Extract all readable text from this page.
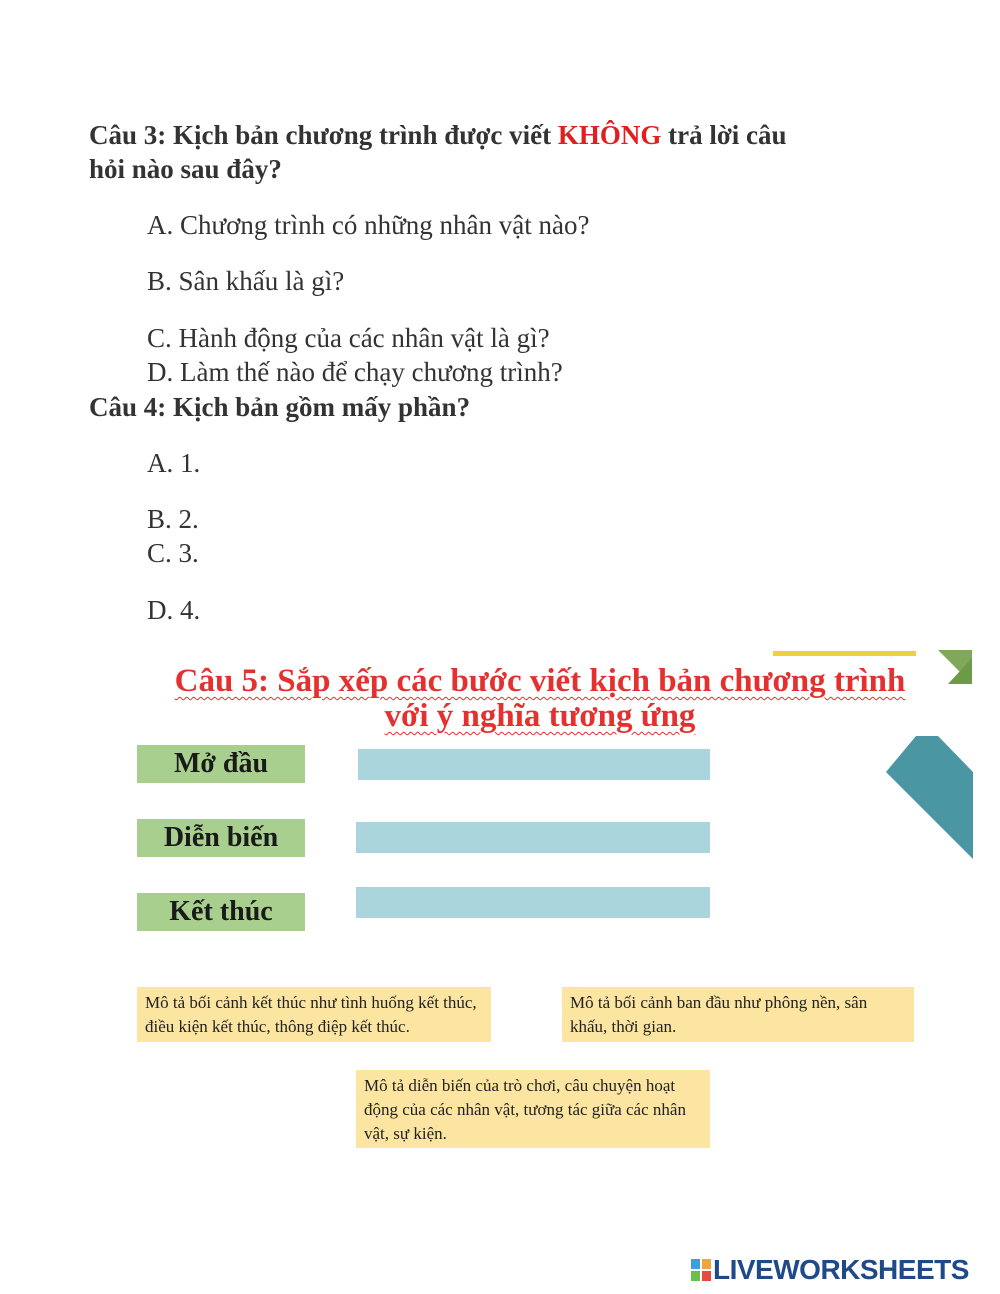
Câu 3: Kịch bản chương trình được viết KHÔNG trả lời câu
hỏi nào sau đây?
A. Chương trình có những nhân vật nào?
B. Sân khấu là gì?
C. Hành động của các nhân vật là gì?
D. Làm thế nào để chạy chương trình?
Câu 4: Kịch bản gồm mấy phần?
A. 1.
B. 2.
C. 3.
D. 4.
Câu 5: Sắp xếp các bước viết kịch bản chương trình
với ý nghĩa tương ứng
Mở đầu
Diễn biến
Kết thúc
Mô tả bối cảnh kết thúc như tình huống kết thúc, điều kiện kết thúc, thông điệp kết thúc.
Mô tả bối cảnh ban đầu như phông nền, sân khấu, thời gian.
Mô tả diễn biến của trò chơi, câu chuyện hoạt động của các nhân vật, tương tác giữa các nhân vật, sự kiện.
LIVEWORKSHEETS
